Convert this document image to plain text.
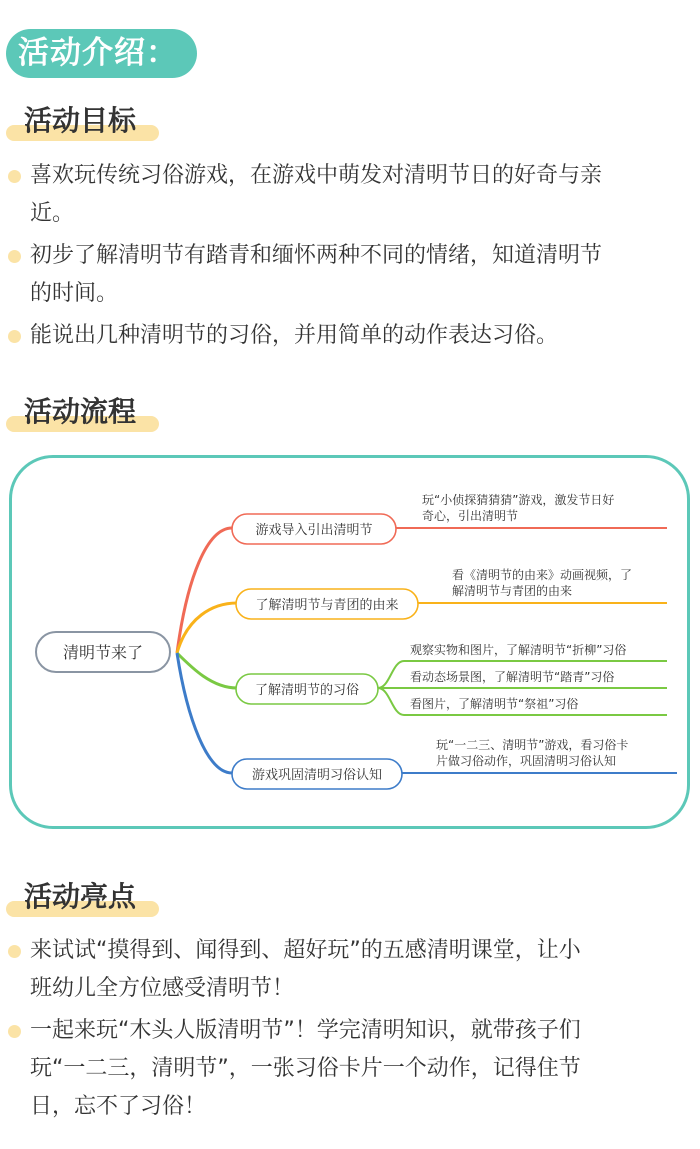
活动介绍：
活动目标
喜欢玩传统习俗游戏，在游戏中萌发对清明节日的好奇与亲
近。
初步了解清明节有踏青和缅怀两种不同的情绪，知道清明节
的时间。
能说出几种清明节的习俗，并用简单的动作表达习俗。
活动流程
清明节来了
游戏导入引出清明节
玩“小侦探猜猜猜”游戏，激发节日好
奇心，引出清明节
了解清明节与青团的由来
看《清明节的由来》动画视频，了
解清明节与青团的由来
了解清明节的习俗
观察实物和图片，了解清明节“折柳”习俗
看动态场景图，了解清明节“踏青”习俗
看图片，了解清明节“祭祖”习俗
游戏巩固清明习俗认知
玩“一二三、清明节”游戏，看习俗卡
片做习俗动作，巩固清明习俗认知
活动亮点
来试试“摸得到、闻得到、超好玩”的五感清明课堂，让小
班幼儿全方位感受清明节！
一起来玩“木头人版清明节”！学完清明知识，就带孩子们
玩“一二三，清明节”，一张习俗卡片一个动作，记得住节
日，忘不了习俗！
